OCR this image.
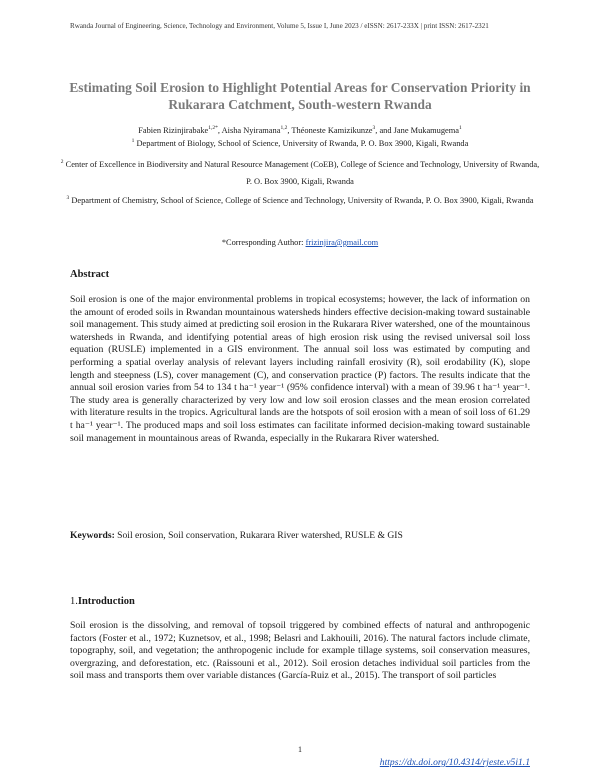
Rwanda Journal of Engineering, Science, Technology and Environment, Volume 5, Issue I, June 2023 / eISSN: 2617-233X | print ISSN: 2617-2321
Estimating Soil Erosion to Highlight Potential Areas for Conservation Priority in Rukarara Catchment, South-western Rwanda
Fabien Rizinjirabake$^{1,2*}$, Aisha Nyiramana$^{1,2}$, Théoneste Kamizikunze$^3$, and Jane Mukamugema$^1$
$^1$ Department of Biology, School of Science, University of Rwanda, P. O. Box 3900, Kigali, Rwanda
$^2$ Center of Excellence in Biodiversity and Natural Resource Management (CoEB), College of Science and Technology, University of Rwanda, P. O. Box 3900, Kigali, Rwanda
$^3$ Department of Chemistry, School of Science, College of Science and Technology, University of Rwanda, P. O. Box 3900, Kigali, Rwanda
*Corresponding Author: frizinjira@gmail.com
Abstract
Soil erosion is one of the major environmental problems in tropical ecosystems; however, the lack of information on the amount of eroded soils in Rwandan mountainous watersheds hinders effective decision-making toward sustainable soil management. This study aimed at predicting soil erosion in the Rukarara River watershed, one of the mountainous watersheds in Rwanda, and identifying potential areas of high erosion risk using the revised universal soil loss equation (RUSLE) implemented in a GIS environment. The annual soil loss was estimated by computing and performing a spatial overlay analysis of relevant layers including rainfall erosivity (R), soil erodability (K), slope length and steepness (LS), cover management (C), and conservation practice (P) factors. The results indicate that the annual soil erosion varies from 54 to 134 t ha⁻¹ year⁻¹ (95% confidence interval) with a mean of 39.96 t ha⁻¹ year⁻¹. The study area is generally characterized by very low and low soil erosion classes and the mean erosion correlated with literature results in the tropics. Agricultural lands are the hotspots of soil erosion with a mean of soil loss of 61.29 t ha⁻¹ year⁻¹. The produced maps and soil loss estimates can facilitate informed decision-making toward sustainable soil management in mountainous areas of Rwanda, especially in the Rukarara River watershed.
Keywords: Soil erosion, Soil conservation, Rukarara River watershed, RUSLE & GIS
1.Introduction
Soil erosion is the dissolving, and removal of topsoil triggered by combined effects of natural and anthropogenic factors (Foster et al., 1972; Kuznetsov, et al., 1998; Belasri and Lakhouili, 2016). The natural factors include climate, topography, soil, and vegetation; the anthropogenic include for example tillage systems, soil conservation measures, overgrazing, and deforestation, etc. (Raissouni et al., 2012). Soil erosion detaches individual soil particles from the soil mass and transports them over variable distances (García-Ruiz et al., 2015). The transport of soil particles
1
https://dx.doi.org/10.4314/rjeste.v5i1.1
